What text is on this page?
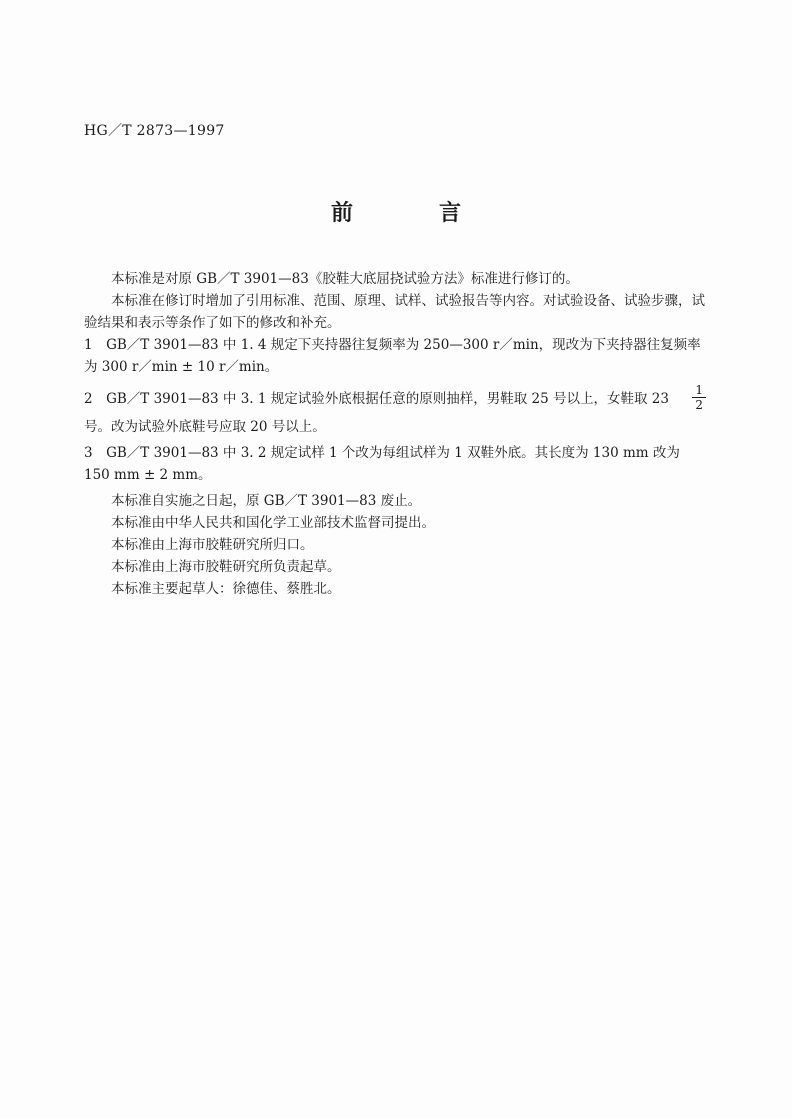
HG／T 2873—1997
前　言

本标准是对原 GB／T 3901—83《胶鞋大底屈挠试验方法》标准进行修订的。

本标准在修订时增加了引用标准、范围、原理、试样、试验报告等内容。对试验设备、试验步骤，试验结果和表示等条作了如下的修改和补充。

1　GB／T 3901—83 中 1. 4 规定下夹持器往复频率为 250—300 r／min，现改为下夹持器往复频率为 300 r／min ± 10 r／min。

2　GB／T 3901—83 中 3. 1 规定试验外底根据任意的原则抽样，男鞋取 25 号以上，女鞋取 $23 \frac{1}{2}$
号。改为试验外底鞋号应取 20 号以上。

3　GB／T 3901—83 中 3. 2 规定试样 1 个改为每组试样为 1 双鞋外底。其长度为 130 mm 改为 150 mm ± 2 mm。

本标准自实施之日起，原 GB／T 3901—83 废止。

本标准由中华人民共和国化学工业部技术监督司提出。

本标准由上海市胶鞋研究所归口。

本标准由上海市胶鞋研究所负责起草。

本标准主要起草人：徐德佳、蔡胜北。
